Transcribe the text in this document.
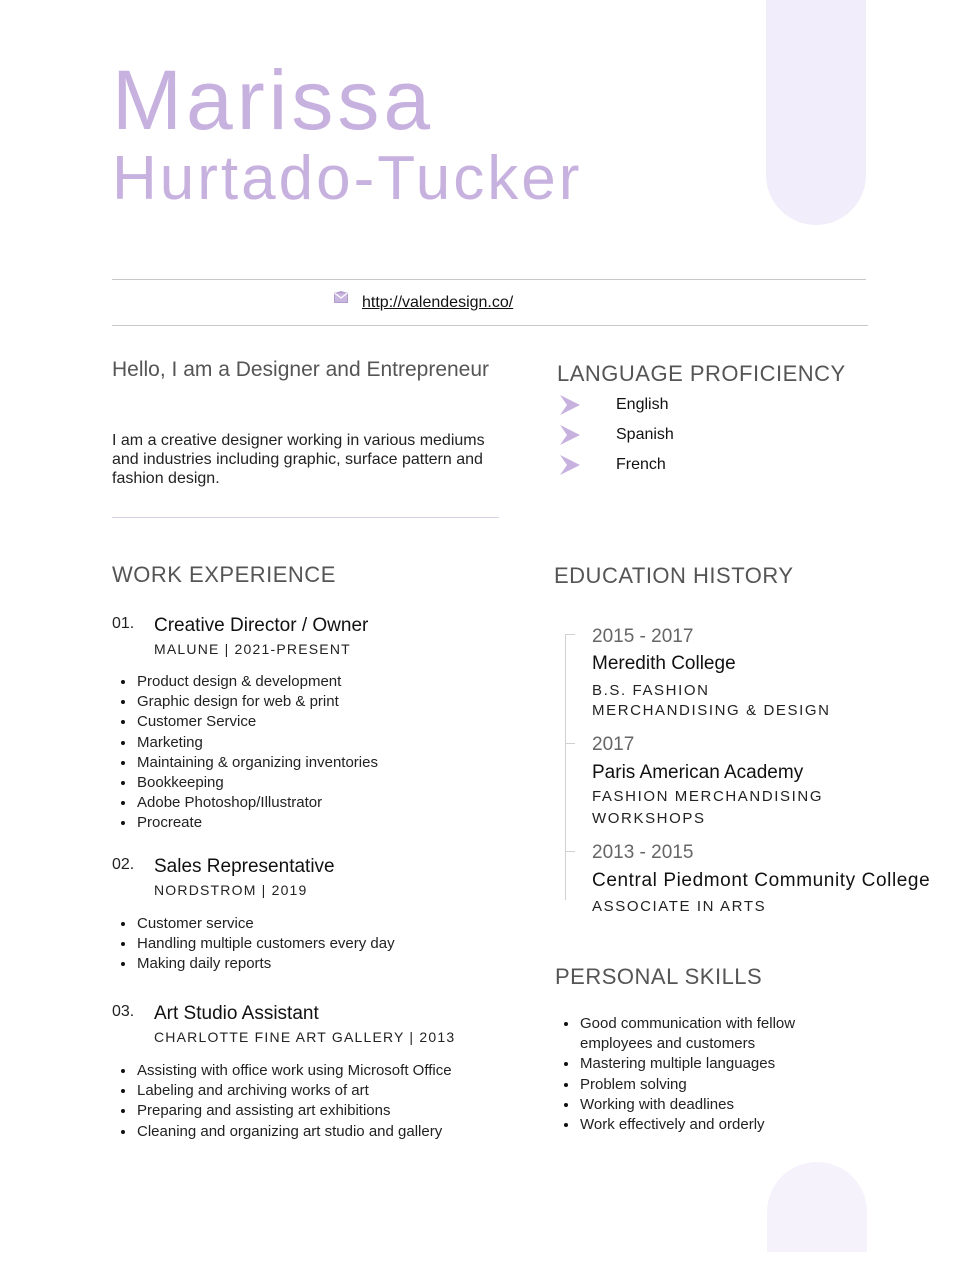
Marissa
Hurtado-Tucker
http://valendesign.co/
Hello, I am a Designer and Entrepreneur
I am a creative designer working in various mediums and industries including graphic, surface pattern and fashion design.
LANGUAGE PROFICIENCY
English
Spanish
French
WORK EXPERIENCE
01. Creative Director / Owner
MALUNE | 2021-PRESENT
Product design & development
Graphic design for web & print
Customer Service
Marketing
Maintaining & organizing inventories
Bookkeeping
Adobe Photoshop/Illustrator
Procreate
02. Sales Representative
NORDSTROM | 2019
Customer service
Handling multiple customers every day
Making daily reports
03. Art Studio Assistant
CHARLOTTE FINE ART GALLERY | 2013
Assisting with office work using Microsoft Office
Labeling and archiving works of art
Preparing and assisting art exhibitions
Cleaning and organizing art studio and gallery
EDUCATION HISTORY
2015 - 2017
Meredith College
B.S. FASHION
MERCHANDISING & DESIGN
2017
Paris American Academy
FASHION MERCHANDISING
WORKSHOPS
2013 - 2015
Central Piedmont Community College
ASSOCIATE IN ARTS
PERSONAL SKILLS
Good communication with fellow employees and customers
Mastering multiple languages
Problem solving
Working with deadlines
Work effectively and orderly
